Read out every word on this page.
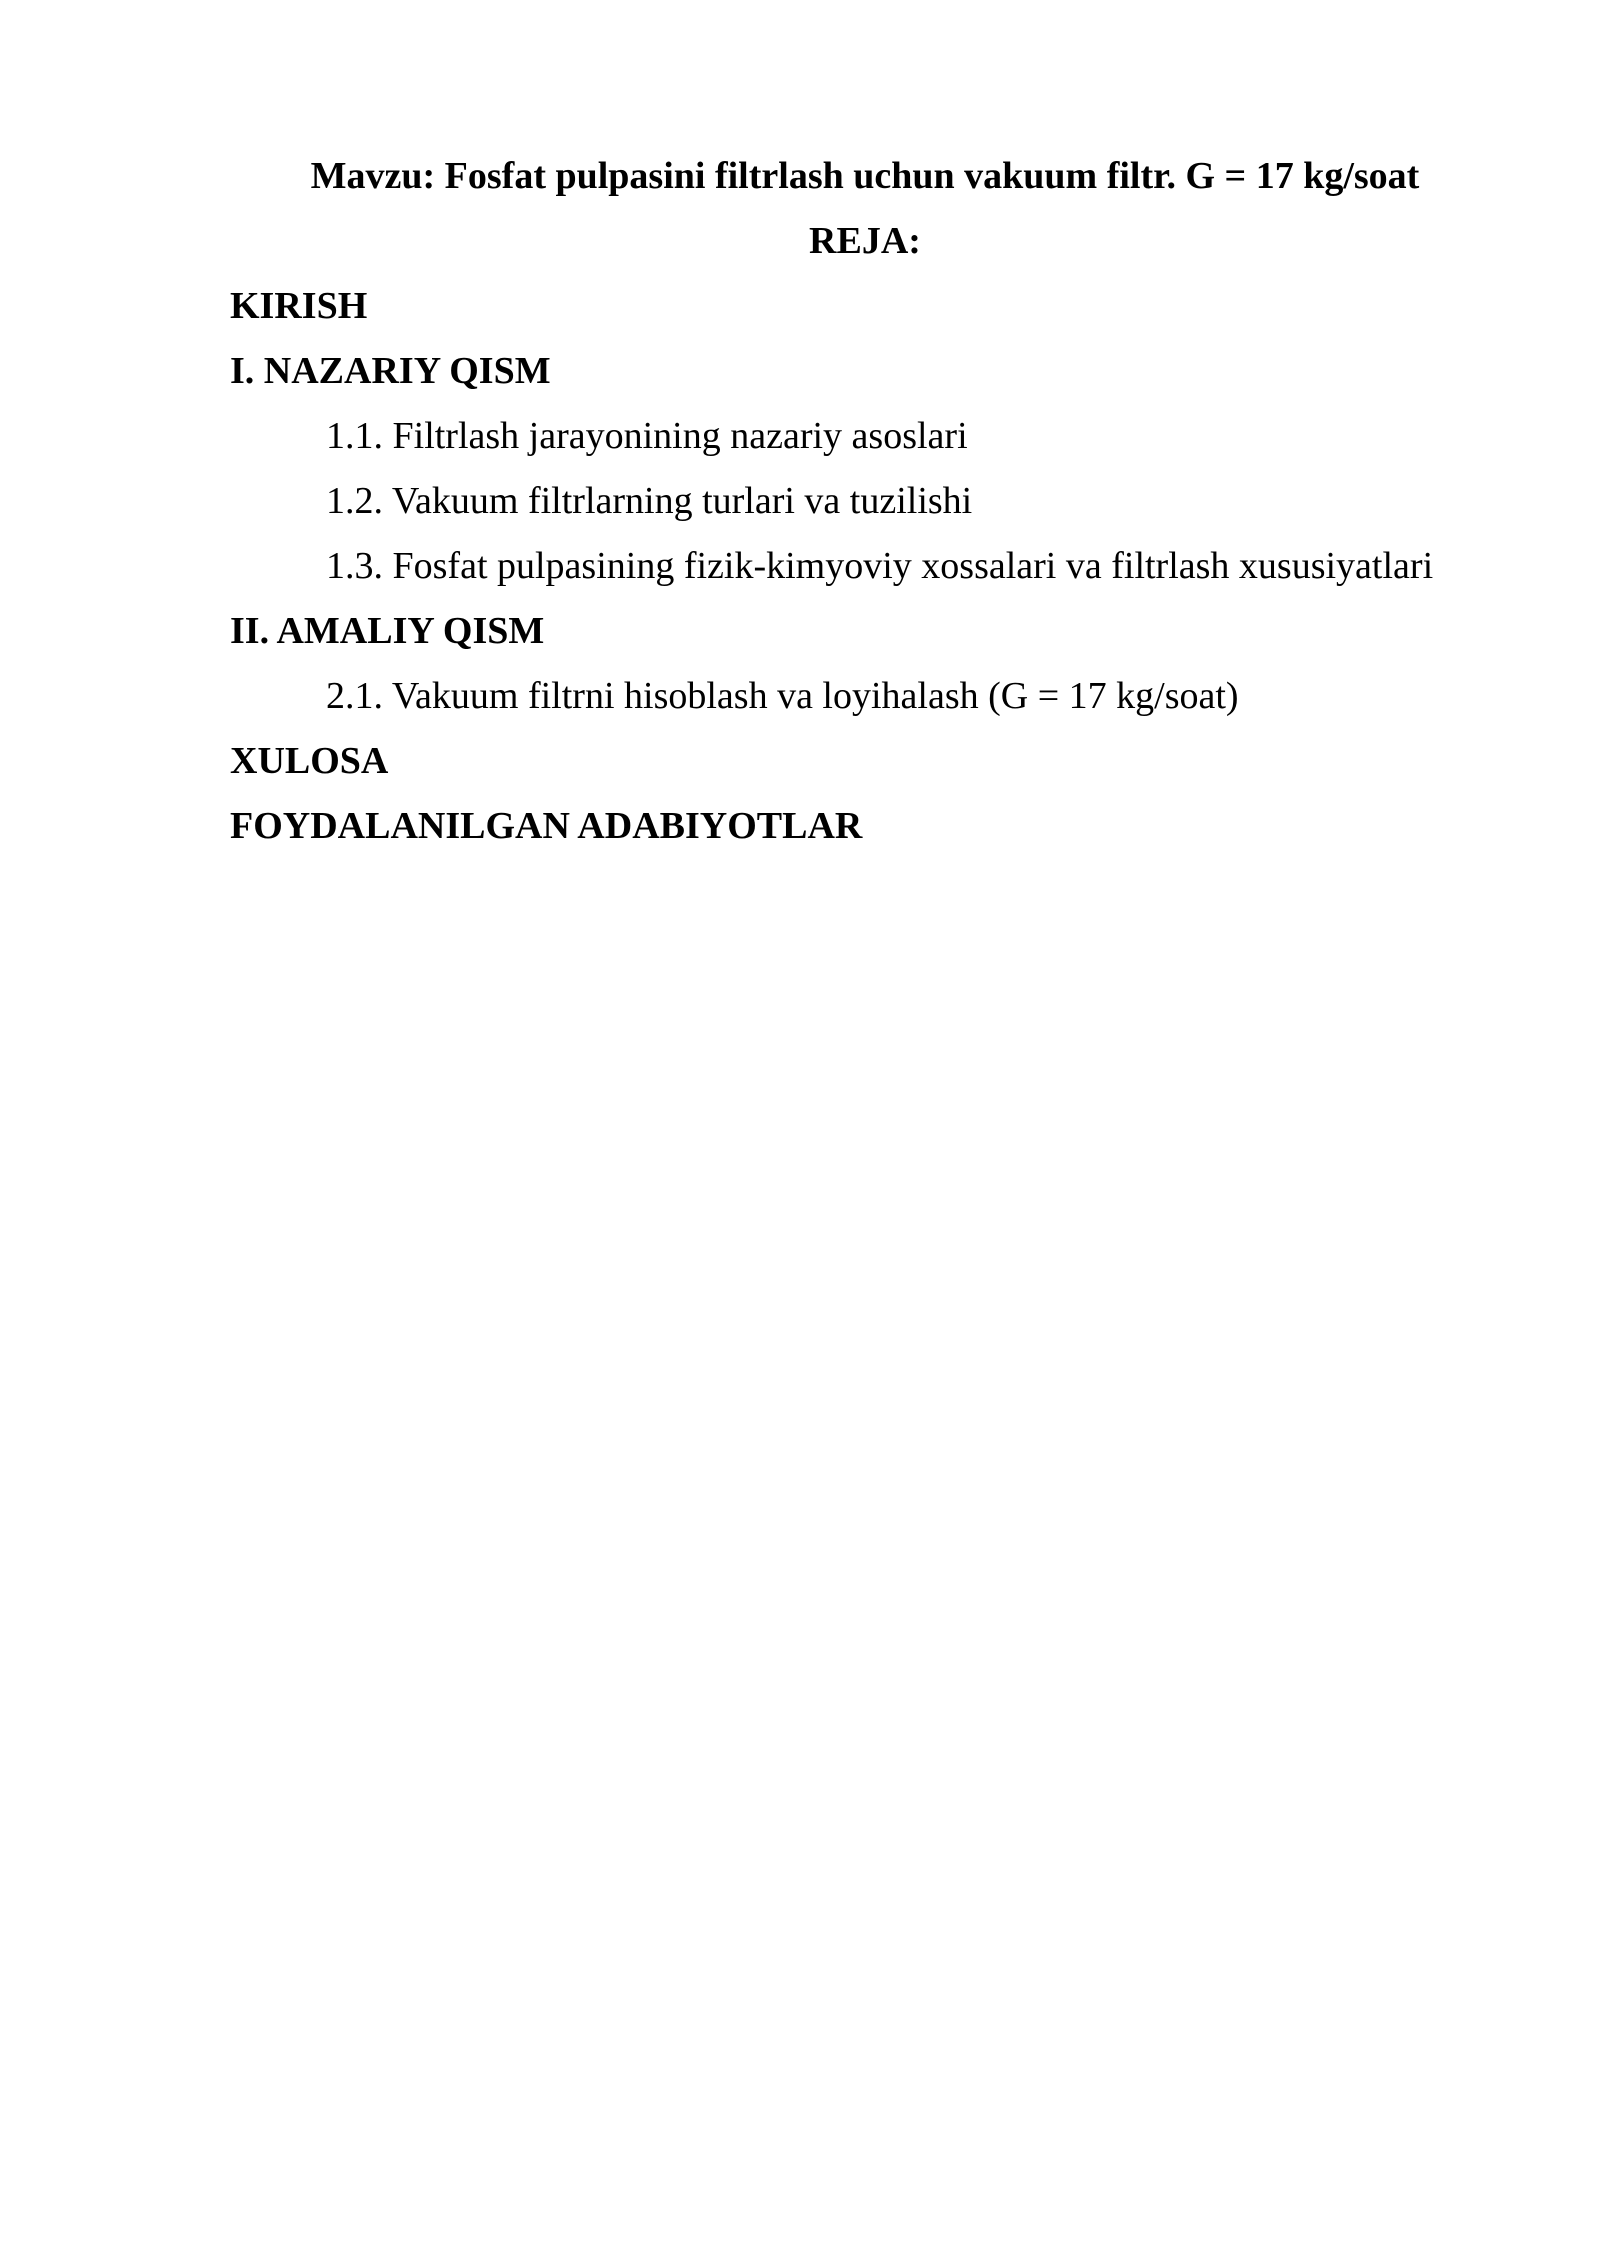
Mavzu: Fosfat pulpasini filtrlash uchun vakuum filtr. G = 17 kg/soat
REJA:
KIRISH
I. NAZARIY QISM
1.1. Filtrlash jarayonining nazariy asoslari
1.2. Vakuum filtrlarning turlari va tuzilishi
1.3. Fosfat pulpasining fizik-kimyoviy xossalari va filtrlash xususiyatlari
II. AMALIY QISM
2.1. Vakuum filtrni hisoblash va loyihalash (G = 17 kg/soat)
XULOSA
FOYDALANILGAN ADABIYOTLAR
